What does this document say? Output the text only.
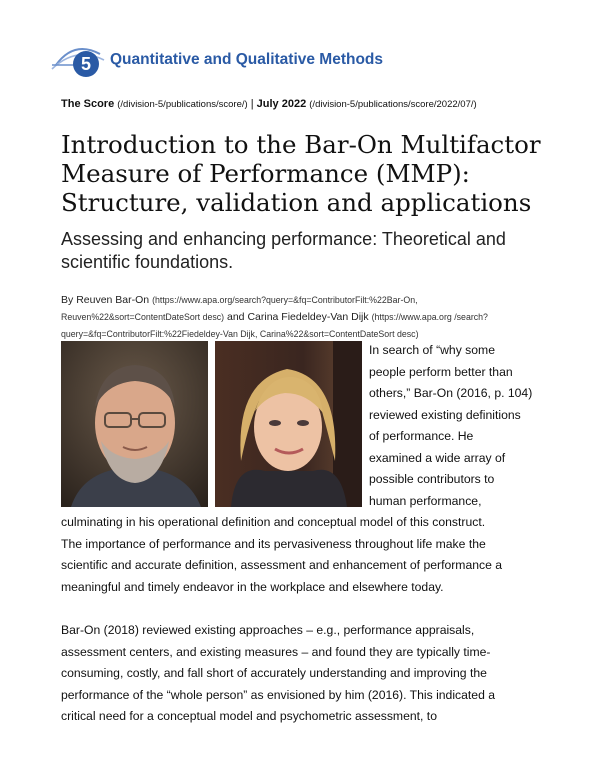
5 Quantitative and Qualitative Methods
The Score (/division-5/publications/score/) | July 2022 (/division-5/publications/score/2022/07/)
Introduction to the Bar-On Multifactor Measure of Performance (MMP): Structure, validation and applications
Assessing and enhancing performance: Theoretical and scientific foundations.
By Reuven Bar-On (https://www.apa.org/search?query=&fq=ContributorFilt:%22Bar-On, Reuven%22&sort=ContentDateSort desc) and Carina Fiedeldey-Van Dijk (https://www.apa.org /search?query=&fq=ContributorFilt:%22Fiedeldey-Van Dijk, Carina%22&sort=ContentDateSort desc)
In search of “why some
people perform better than
others,” Bar-On (2016, p. 104)
reviewed existing definitions
of performance. He
examined a wide array of
possible contributors to
human performance,
culminating in his operational definition and conceptual model of this construct.
The importance of performance and its pervasiveness throughout life make the
scientific and accurate definition, assessment and enhancement of performance a
meaningful and timely endeavor in the workplace and elsewhere today.
Bar-On (2018) reviewed existing approaches – e.g., performance appraisals,
assessment centers, and existing measures – and found they are typically time-
consuming, costly, and fall short of accurately understanding and improving the
performance of the “whole person” as envisioned by him (2016). This indicated a
critical need for a conceptual model and psychometric assessment, to
